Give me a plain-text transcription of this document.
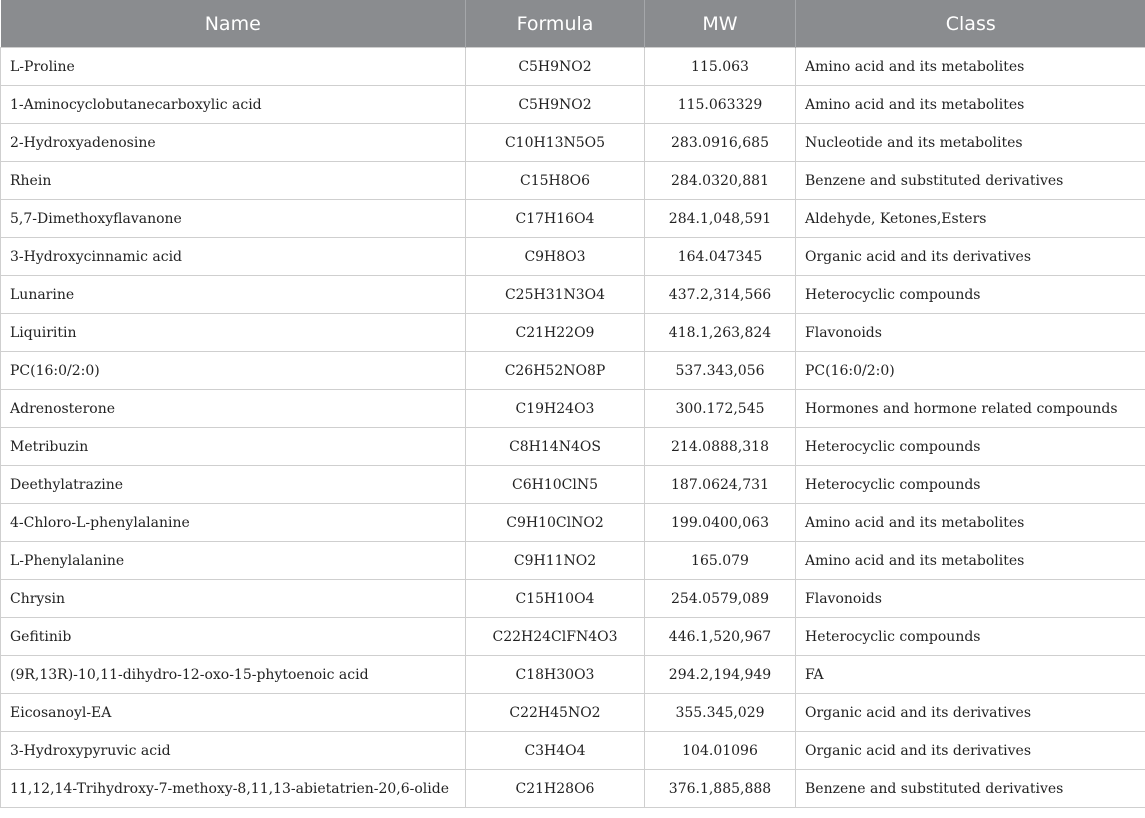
Name	Formula	MW	Class
L-Proline	C5H9NO2	115.063	Amino acid and its metabolites
1-Aminocyclobutanecarboxylic acid	C5H9NO2	115.063329	Amino acid and its metabolites
2-Hydroxyadenosine	C10H13N5O5	283.0916,685	Nucleotide and its metabolites
Rhein	C15H8O6	284.0320,881	Benzene and substituted derivatives
5,7-Dimethoxyflavanone	C17H16O4	284.1,048,591	Aldehyde, Ketones,Esters
3-Hydroxycinnamic acid	C9H8O3	164.047345	Organic acid and its derivatives
Lunarine	C25H31N3O4	437.2,314,566	Heterocyclic compounds
Liquiritin	C21H22O9	418.1,263,824	Flavonoids
PC(16:0/2:0)	C26H52NO8P	537.343,056	PC(16:0/2:0)
Adrenosterone	C19H24O3	300.172,545	Hormones and hormone related compounds
Metribuzin	C8H14N4OS	214.0888,318	Heterocyclic compounds
Deethylatrazine	C6H10ClN5	187.0624,731	Heterocyclic compounds
4-Chloro-L-phenylalanine	C9H10ClNO2	199.0400,063	Amino acid and its metabolites
L-Phenylalanine	C9H11NO2	165.079	Amino acid and its metabolites
Chrysin	C15H10O4	254.0579,089	Flavonoids
Gefitinib	C22H24ClFN4O3	446.1,520,967	Heterocyclic compounds
(9R,13R)-10,11-dihydro-12-oxo-15-phytoenoic acid	C18H30O3	294.2,194,949	FA
Eicosanoyl-EA	C22H45NO2	355.345,029	Organic acid and its derivatives
3-Hydroxypyruvic acid	C3H4O4	104.01096	Organic acid and its derivatives
11,12,14-Trihydroxy-7-methoxy-8,11,13-abietatrien-20,6-olide	C21H28O6	376.1,885,888	Benzene and substituted derivatives
